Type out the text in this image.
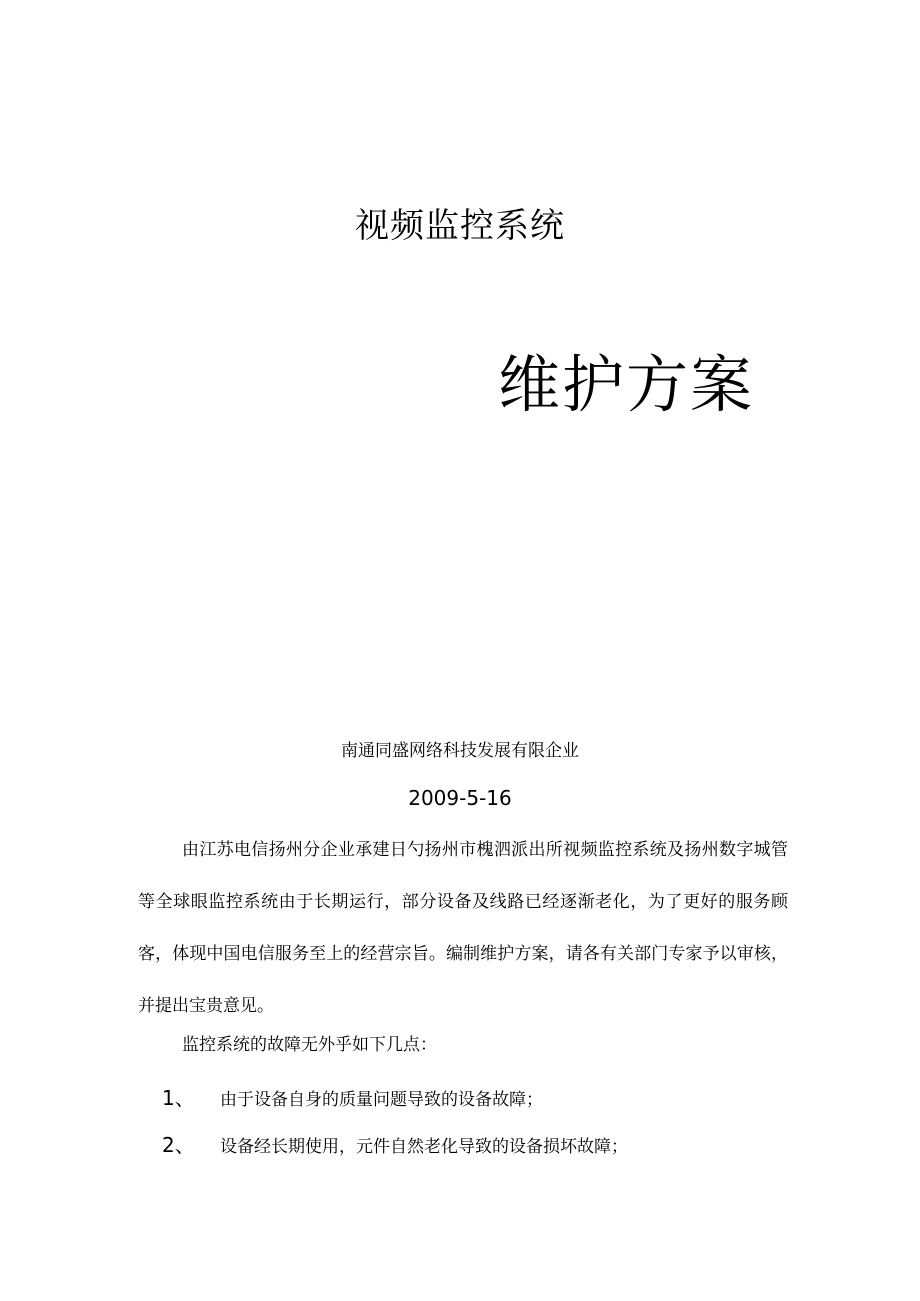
视频监控系统
维护方案
南通同盛网络科技发展有限企业
2009-5-16
由江苏电信扬州分企业承建日勺扬州市槐泗派出所视频监控系统及扬州数字城管等全球眼监控系统由于长期运行，部分设备及线路已经逐渐老化，为了更好的服务顾客，体现中国电信服务至上的经营宗旨。编制维护方案，请各有关部门专家予以审核，并提出宝贵意见。
监控系统的故障无外乎如下几点：
1、 由于设备自身的质量问题导致的设备故障；
2、 设备经长期使用，元件自然老化导致的设备损坏故障；
